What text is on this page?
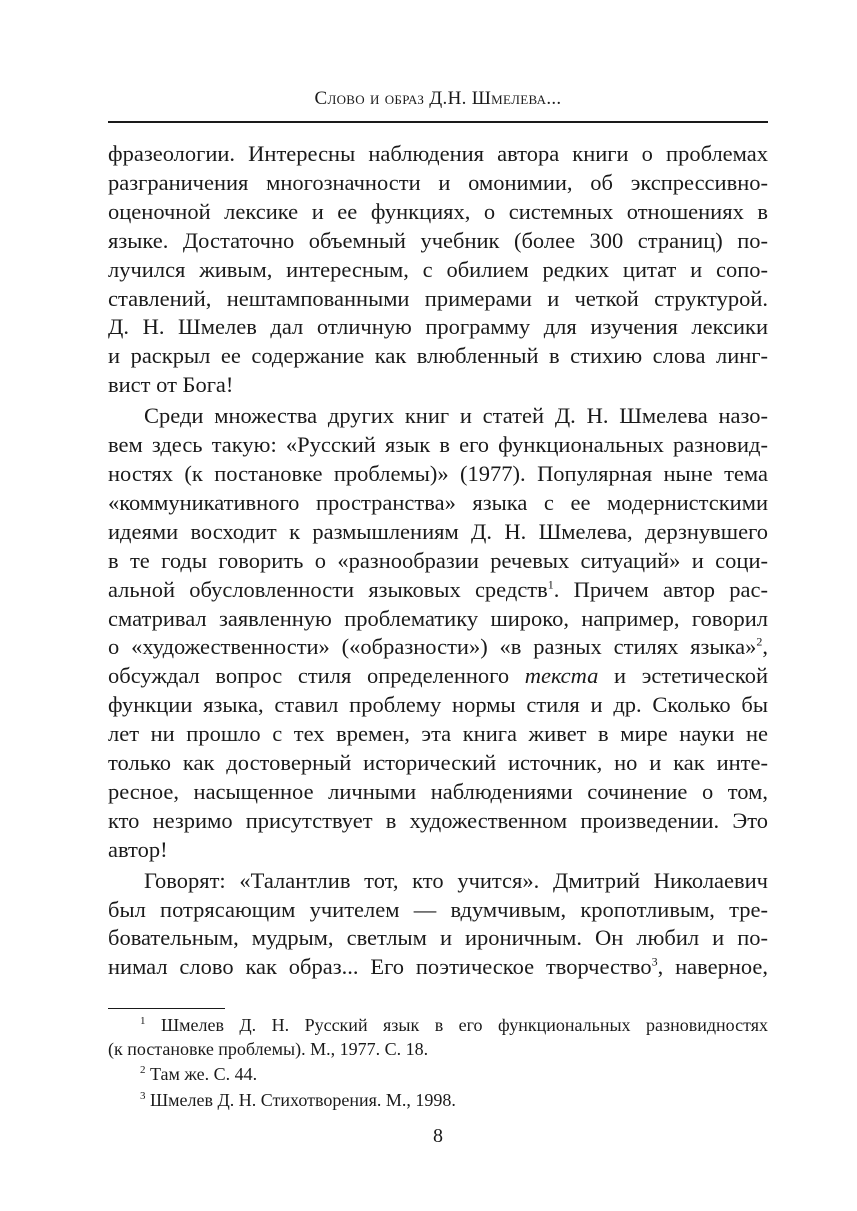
Слово и образ Д.Н. Шмелева...

фразеологии. Интересны наблюдения автора книги о проблемах
разграничения многозначности и омонимии, об экспрессивно-
оценочной лексике и ее функциях, о системных отношениях в
языке. Достаточно объемный учебник (более 300 страниц) по-
лучился живым, интересным, с обилием редких цитат и сопо-
ставлений, нештампованными примерами и четкой структурой.
Д. Н. Шмелев дал отличную программу для изучения лексики
и раскрыл ее содержание как влюбленный в стихию слова линг-
вист от Бога!

Среди множества других книг и статей Д. Н. Шмелева назо-
вем здесь такую: «Русский язык в его функциональных разновид-
ностях (к постановке проблемы)» (1977). Популярная ныне тема
«коммуникативного пространства» языка с ее модернистскими
идеями восходит к размышлениям Д. Н. Шмелева, дерзнувшего
в те годы говорить о «разнообразии речевых ситуаций» и соци-
альной обусловленности языковых средств$^1$. Причем автор рас-
сматривал заявленную проблематику широко, например, говорил
о «художественности» («образности») «в разных стилях языка»$^2$,
обсуждал вопрос стиля определенного текста и эстетической
функции языка, ставил проблему нормы стиля и др. Сколько бы
лет ни прошло с тех времен, эта книга живет в мире науки не
только как достоверный исторический источник, но и как инте-
ресное, насыщенное личными наблюдениями сочинение о том,
кто незримо присутствует в художественном произведении. Это
автор!

Говорят: «Талантлив тот, кто учится». Дмитрий Николаевич
был потрясающим учителем — вдумчивым, кропотливым, тре-
бовательным, мудрым, светлым и ироничным. Он любил и по-
нимал слово как образ... Его поэтическое творчество$^3$, наверное,

$^1$ Шмелев Д. Н. Русский язык в его функциональных разновидностях
(к постановке проблемы). М., 1977. С. 18.
$^2$ Там же. С. 44.
$^3$ Шмелев Д. Н. Стихотворения. М., 1998.
8
